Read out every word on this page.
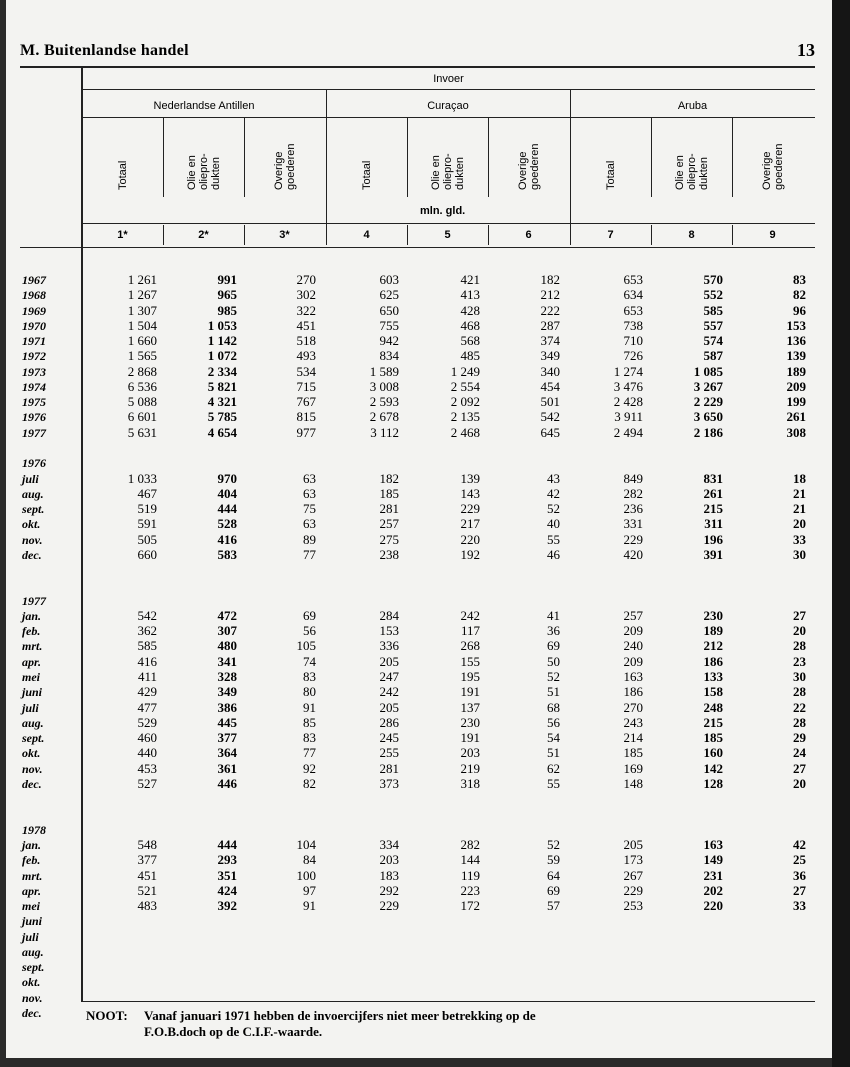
M. Buitenlandse handel	13
Invoer
Nederlandse Antillen	Curaçao	Aruba
Totaal	Olie en oliepro- dukten	Overige goederen	Totaal	Olie en oliepro- dukten	Overige goederen	Totaal	Olie en oliepro- dukten	Overige goederen
mln. gld.
1*	2*	3*	4	5	6	7	8	9
1967	1 261	991	270	603	421	182	653	570	83
1968	1 267	965	302	625	413	212	634	552	82
1969	1 307	985	322	650	428	222	653	585	96
1970	1 504	1 053	451	755	468	287	738	557	153
1971	1 660	1 142	518	942	568	374	710	574	136
1972	1 565	1 072	493	834	485	349	726	587	139
1973	2 868	2 334	534	1 589	1 249	340	1 274	1 085	189
1974	6 536	5 821	715	3 008	2 554	454	3 476	3 267	209
1975	5 088	4 321	767	2 593	2 092	501	2 428	2 229	199
1976	6 601	5 785	815	2 678	2 135	542	3 911	3 650	261
1977	5 631	4 654	977	3 112	2 468	645	2 494	2 186	308
1976
juli	1 033	970	63	182	139	43	849	831	18
aug.	467	404	63	185	143	42	282	261	21
sept.	519	444	75	281	229	52	236	215	21
okt.	591	528	63	257	217	40	331	311	20
nov.	505	416	89	275	220	55	229	196	33
dec.	660	583	77	238	192	46	420	391	30
1977
jan.	542	472	69	284	242	41	257	230	27
feb.	362	307	56	153	117	36	209	189	20
mrt.	585	480	105	336	268	69	240	212	28
apr.	416	341	74	205	155	50	209	186	23
mei	411	328	83	247	195	52	163	133	30
juni	429	349	80	242	191	51	186	158	28
juli	477	386	91	205	137	68	270	248	22
aug.	529	445	85	286	230	56	243	215	28
sept.	460	377	83	245	191	54	214	185	29
okt.	440	364	77	255	203	51	185	160	24
nov.	453	361	92	281	219	62	169	142	27
dec.	527	446	82	373	318	55	148	128	20
1978
jan.	548	444	104	334	282	52	205	163	42
feb.	377	293	84	203	144	59	173	149	25
mrt.	451	351	100	183	119	64	267	231	36
apr.	521	424	97	292	223	69	229	202	27
mei	483	392	91	229	172	57	253	220	33
juni
juli
aug.
sept.
okt.
nov.
dec.	NOOT: Vanaf januari 1971 hebben de invoercijfers niet meer betrekking op de
F.O.B.doch op de C.I.F.-waarde.
